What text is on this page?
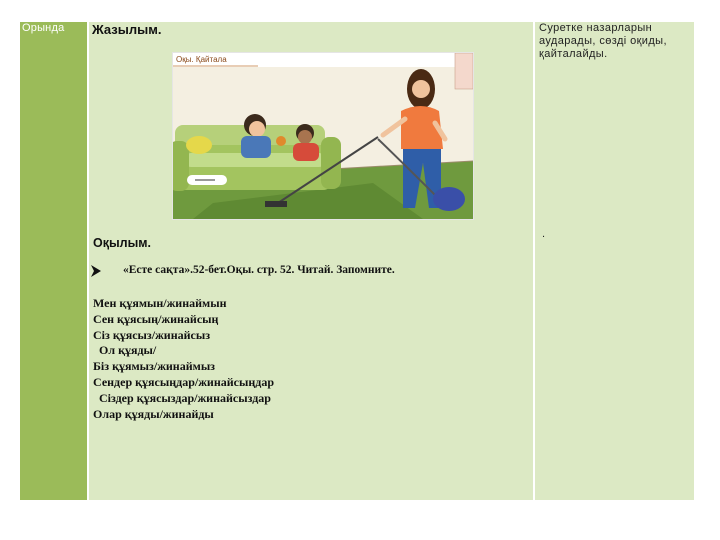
Орында Жазылым.
Оқы. Қайтала
Оқылым.
«Есте сақта».52-бет.Оқы. стр. 52. Читай. Запомните.
Мен құямын/жинаймын
Сен құясың/жинайсың
Сіз құясыз/жинайсыз
Ол құяды/
Біз құямыз/жинаймыз
Сендер құясыңдар/жинайсыңдар
Сіздер құясыздар/жинайсыздар
Олар құяды/жинайды
Суретке назарларын аударады, сөзді оқиды, қайталайды.
.
